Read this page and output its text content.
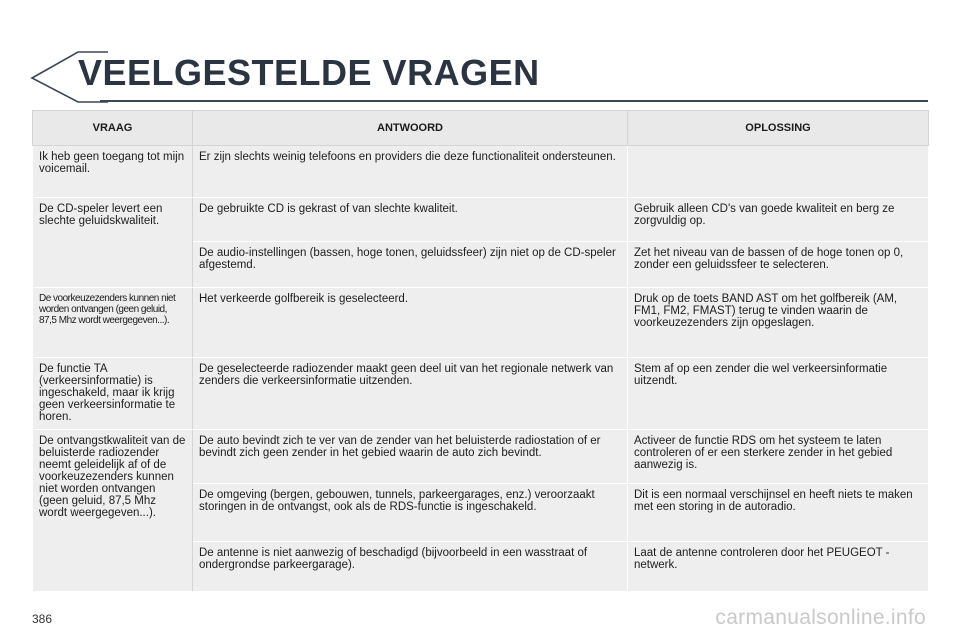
VEELGESTELDE VRAGEN
VRAAG	ANTWOORD	OPLOSSING
Ik heb geen toegang tot mijn voicemail.	Er zijn slechts weinig telefoons en providers die deze functionaliteit ondersteunen.	
De CD-speler levert een slechte geluidskwaliteit.	De gebruikte CD is gekrast of van slechte kwaliteit.	Gebruik alleen CD's van goede kwaliteit en berg ze zorgvuldig op.
	De audio-instellingen (bassen, hoge tonen, geluidssfeer) zijn niet op de CD-speler afgestemd.	Zet het niveau van de bassen of de hoge tonen op 0, zonder een geluidssfeer te selecteren.
De voorkeuzezenders kunnen niet worden ontvangen (geen geluid, 87,5 Mhz wordt weergegeven...).	Het verkeerde golfbereik is geselecteerd.	Druk op de toets BAND AST om het golfbereik (AM, FM1, FM2, FMAST) terug te vinden waarin de voorkeuzezenders zijn opgeslagen.
De functie TA (verkeersinformatie) is ingeschakeld, maar ik krijg geen verkeersinformatie te horen.	De geselecteerde radiozender maakt geen deel uit van het regionale netwerk van zenders die verkeersinformatie uitzenden.	Stem af op een zender die wel verkeersinformatie uitzendt.
De ontvangstkwaliteit van de beluisterde radiozender neemt geleidelijk af of de voorkeuzezenders kunnen niet worden ontvangen (geen geluid, 87,5 Mhz wordt weergegeven...).	De auto bevindt zich te ver van de zender van het beluisterde radiostation of er bevindt zich geen zender in het gebied waarin de auto zich bevindt.	Activeer de functie RDS om het systeem te laten controleren of er een sterkere zender in het gebied aanwezig is.
	De omgeving (bergen, gebouwen, tunnels, parkeergarages, enz.) veroorzaakt storingen in de ontvangst, ook als de RDS-functie is ingeschakeld.	Dit is een normaal verschijnsel en heeft niets te maken met een storing in de autoradio.
	De antenne is niet aanwezig of beschadigd (bijvoorbeeld in een wasstraat of ondergrondse parkeergarage).	Laat de antenne controleren door het PEUGEOT - netwerk.
386	carmanualsonline.info
